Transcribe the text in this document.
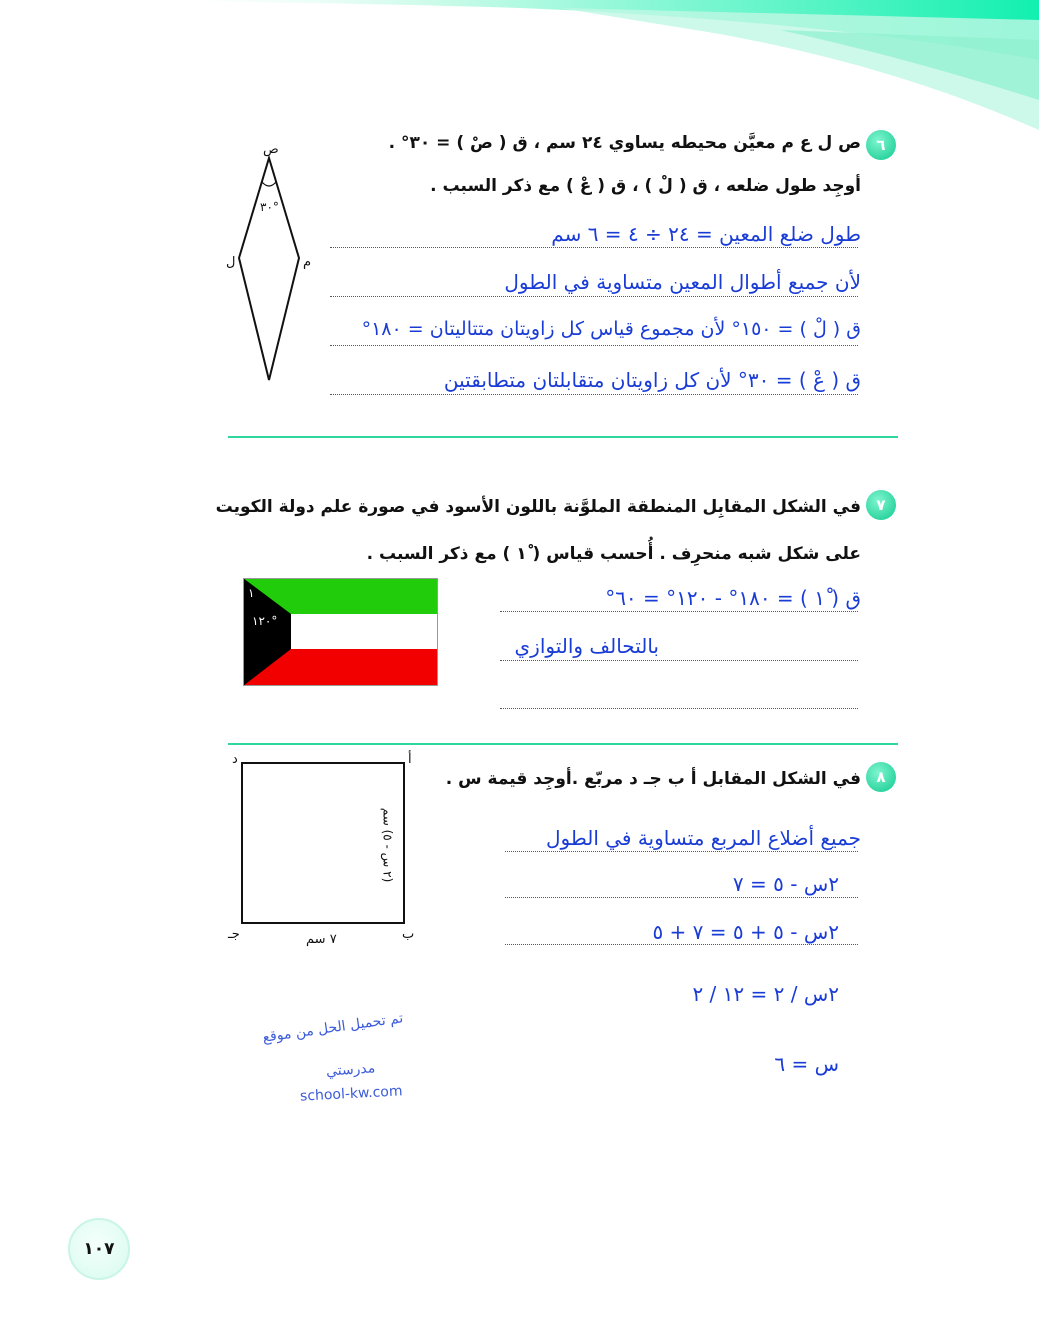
٦
ص ل ع م معيَّن محيطه يساوي ٢٤ سم ، ق ( صْ ) = ٣٠° .
أوجِد طول ضلعه ، ق ( لْ ) ، ق ( عْ ) مع ذكر السبب .
ص
ل	م
٣٠°
طول ضلع المعين = ٢٤ ÷ ٤ = ٦ سم
لأن جميع أطوال المعين متساوية في الطول
ق ( لْ ) = ١٥٠° لأن مجموع قياس كل زاويتان متتاليتان = ١٨٠°
ق ( عْ ) = ٣٠° لأن كل زاويتان متقابلتان متطابقتين
٧
في الشكل المقابِل المنطقة الملوَّنة باللون الأسود في صورة علم دولة الكويت
على شكل شبه منحرِف . أُحسب قياس ( ١ْ ) مع ذكر السبب .
١
١٢٠°
ق ( ١ْ ) = ١٨٠° - ١٢٠° = ٦٠°
بالتحالف والتوازي
٨
في الشكل المقابل أ ب جـ د مربّع .أوجِد قيمة س .
أ
د
ب
جـ	٧ سم
(٢ س - ٥) سم
جميع أضلاع المربع متساوية في الطول
٢س - ٥ = ٧
٢س - ٥ + ٥ = ٧ + ٥
٢س / ٢ = ١٢ / ٢
س = ٦
تم تحميل الحل من موقع
مدرستي
school-kw.com
١٠٧
